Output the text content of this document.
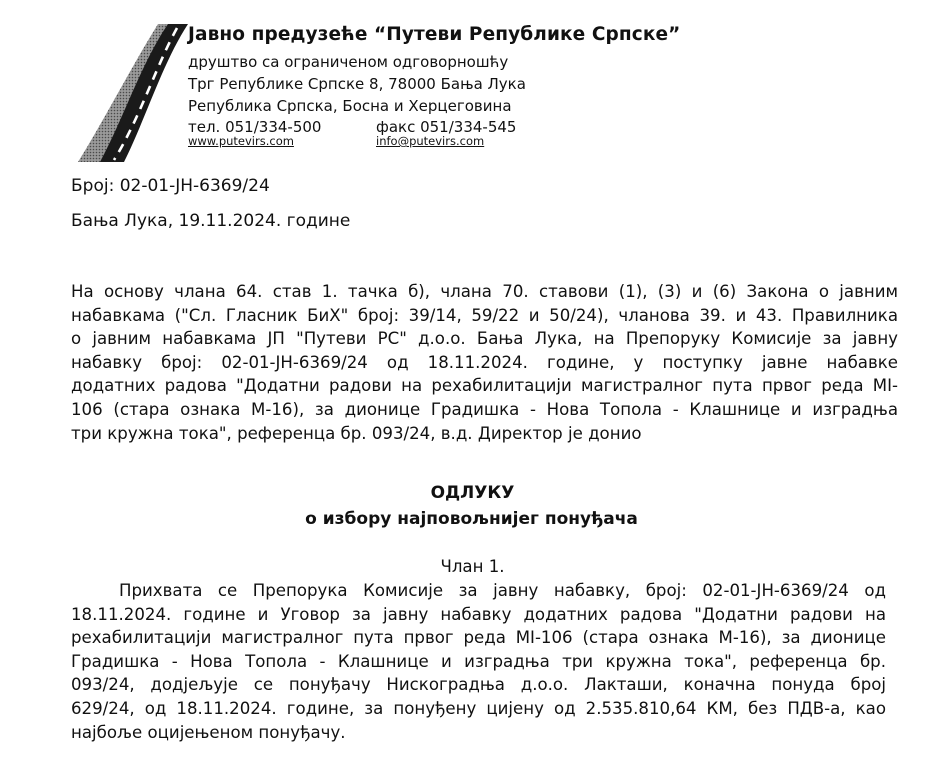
Јавно предузеће “Путеви Републике Српске”
друштво са ограниченом одговорношћу
Трг Републике Српске 8, 78000 Бања Лука
Република Српска, Босна и Херцеговина
тел. 051/334-500
www.putevirs.com
факс 051/334-545
info@putevirs.com
Број: 02-01-ЈН-6369/24
Бања Лука, 19.11.2024. године

На основу члана 64. став 1. тачка б), члана 70. ставови (1), (3) и (6) Закона о јавним
набавкама ("Сл. Гласник БиХ" број: 39/14, 59/22 и 50/24), чланова 39. и 43. Правилника
о јавним набавкама ЈП "Путеви РС" д.о.о. Бања Лука, на Препоруку Комисије за јавну
набавку број: 02-01-ЈН-6369/24 од 18.11.2024. године, у поступку јавне набавке
додатних радова "Додатни радови на рехабилитацији магистралног пута првог реда МІ-
106 (стара ознака М-16), за дионице Градишка - Нова Топола - Клашнице и изградња
три кружна тока", референца бр. 093/24, в.д. Директор је донио

ОДЛУКУ
о избору најповољнијег понуђача
Члан 1.

Прихвата се Препорука Комисије за јавну набавку, број: 02-01-ЈН-6369/24 од
18.11.2024. године и Уговор за јавну набавку додатних радова "Додатни радови на
рехабилитацији магистралног пута првог реда МІ-106 (стара ознака М-16), за дионице
Градишка - Нова Топола - Клашнице и изградња три кружна тока", референца бр.
093/24, додјељује се понуђачу Нискоградња д.о.о. Лакташи, коначна понуда број
629/24, од 18.11.2024. године, за понуђену цијену од 2.535.810,64 КМ, без ПДВ-а, као
најбоље оцијењеном понуђачу.
